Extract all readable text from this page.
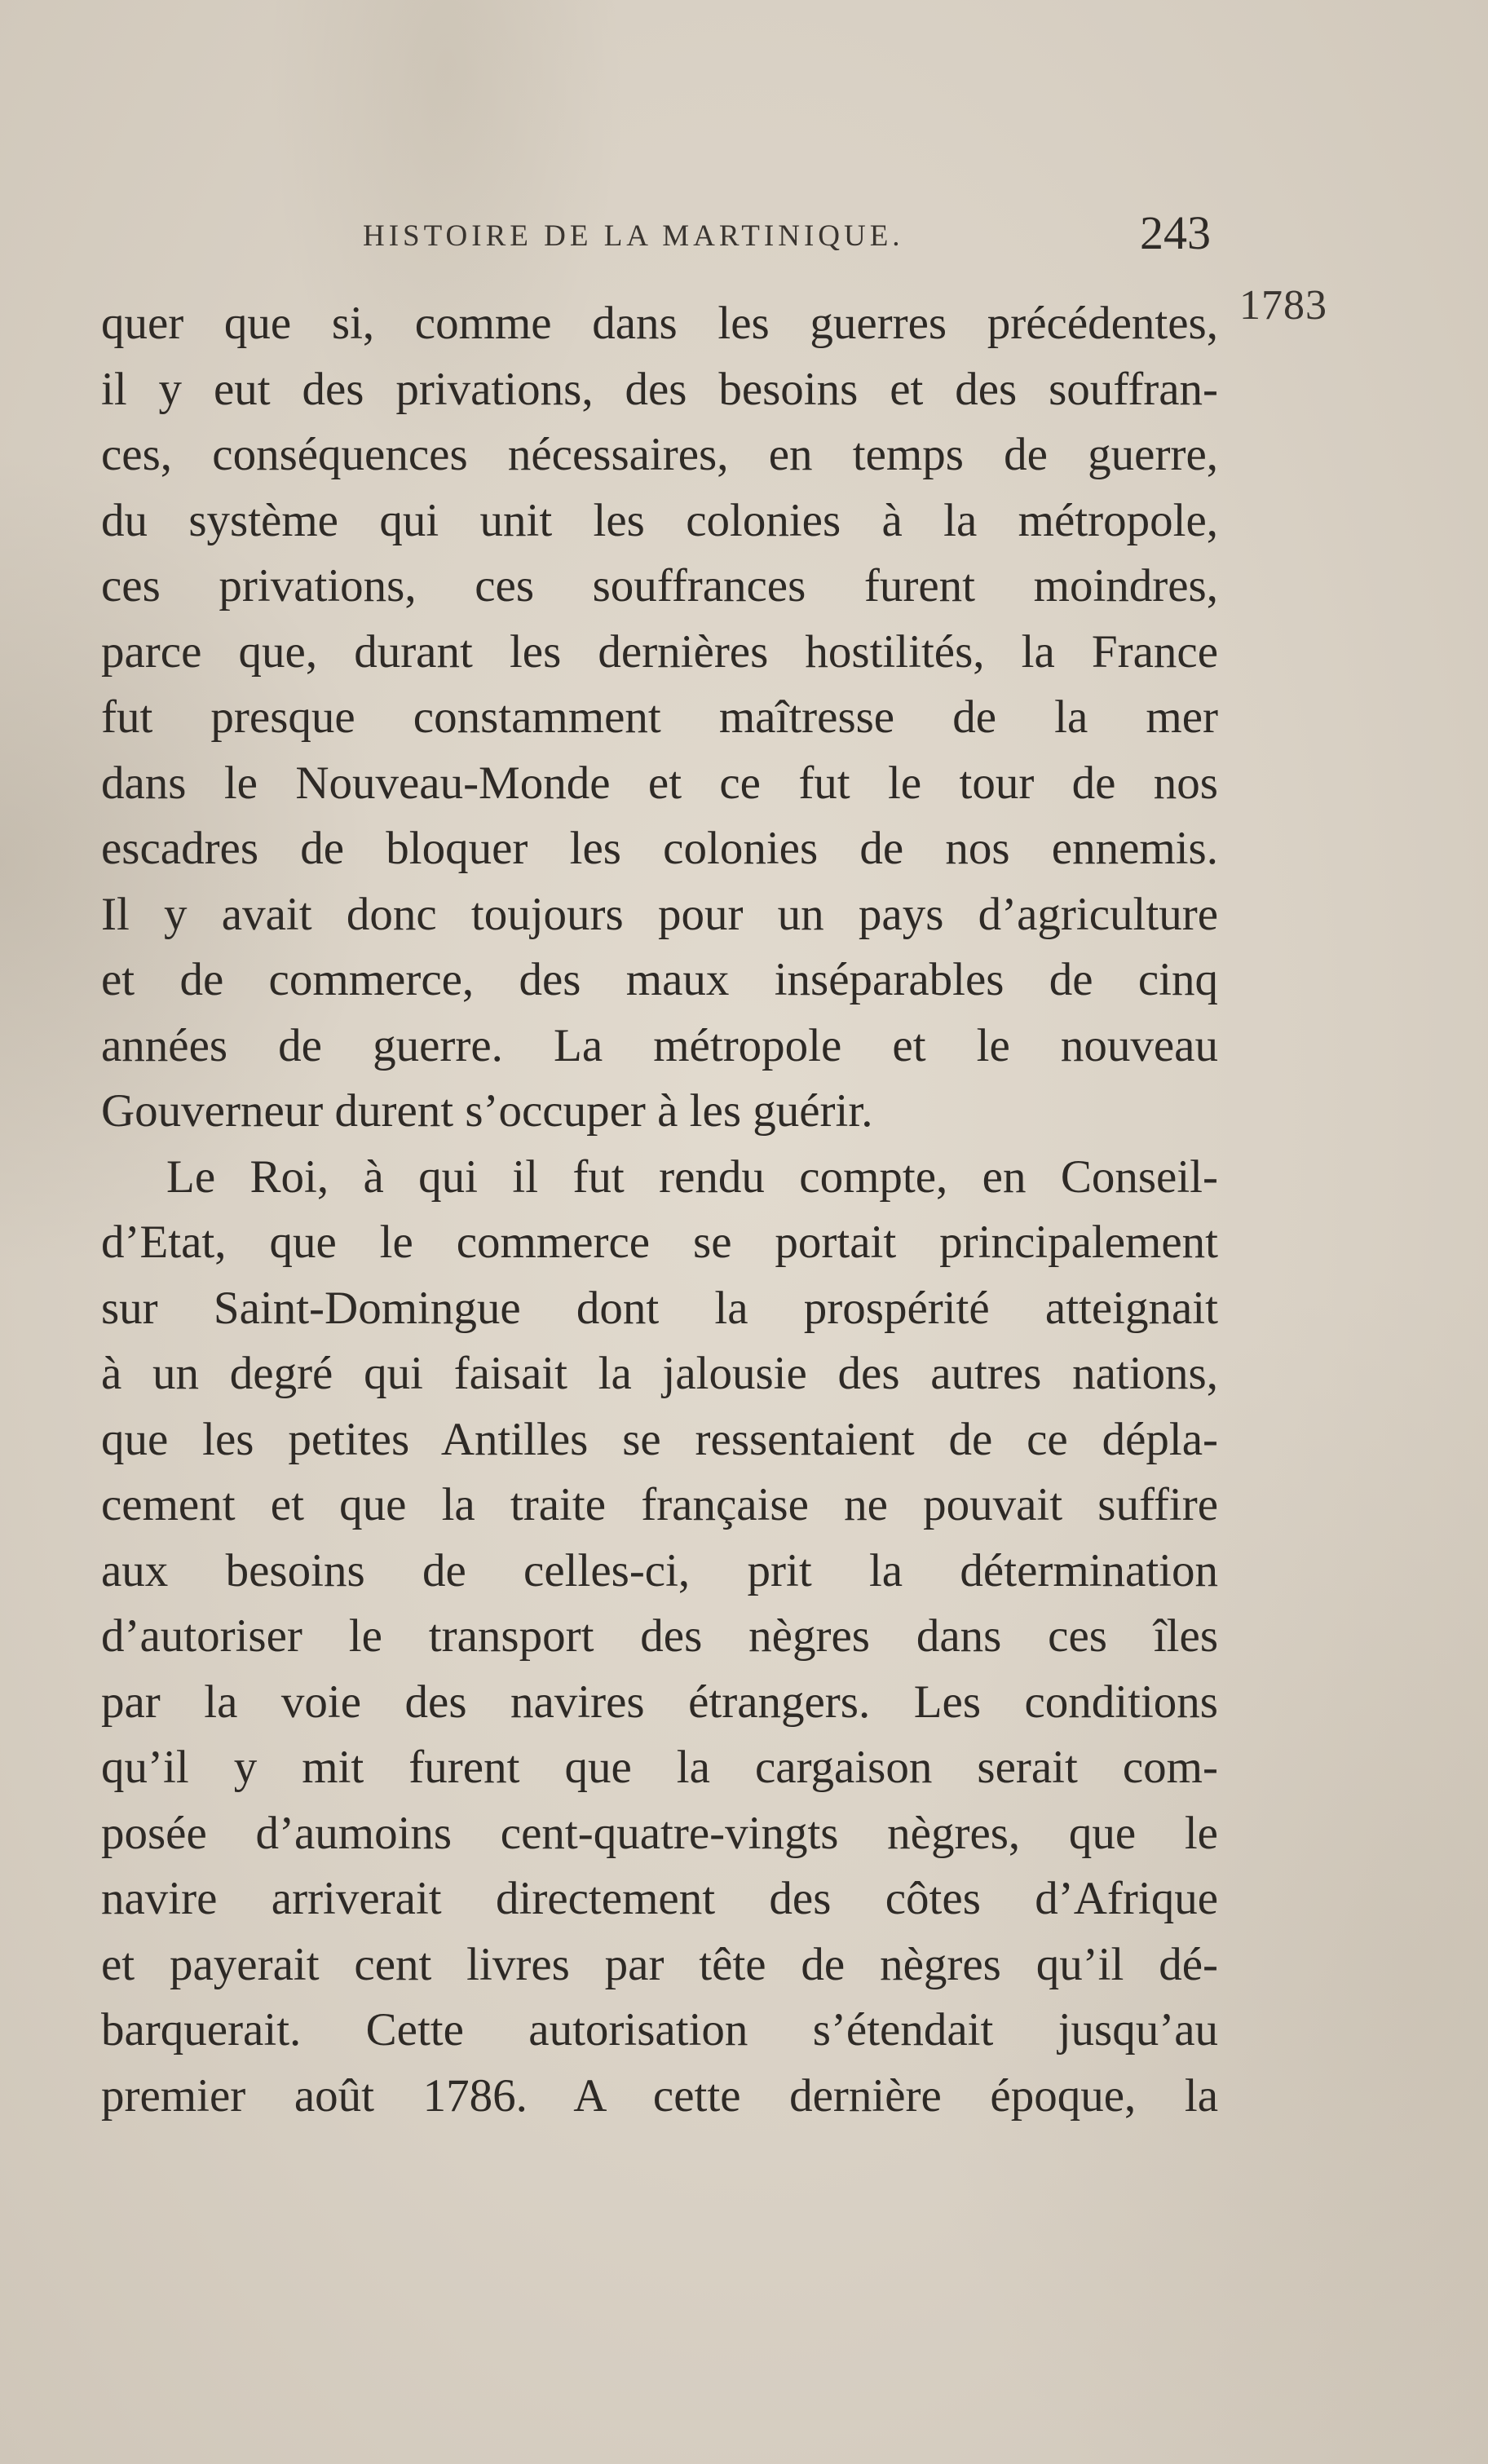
HISTOIRE DE LA MARTINIQUE.	243
1783
quer que si, comme dans les guerres précédentes,
il y eut des privations, des besoins et des souffran-
ces, conséquences nécessaires, en temps de guerre,
du système qui unit les colonies à la métropole,
ces privations, ces souffrances furent moindres,
parce que, durant les dernières hostilités, la France
fut presque constamment maîtresse de la mer
dans le Nouveau-Monde et ce fut le tour de nos
escadres de bloquer les colonies de nos ennemis.
Il y avait donc toujours pour un pays d’agriculture
et de commerce, des maux inséparables de cinq
années de guerre. La métropole et le nouveau
Gouverneur durent s’occuper à les guérir.
Le Roi, à qui il fut rendu compte, en Conseil-
d’Etat, que le commerce se portait principalement
sur Saint-Domingue dont la prospérité atteignait
à un degré qui faisait la jalousie des autres nations,
que les petites Antilles se ressentaient de ce dépla-
cement et que la traite française ne pouvait suffire
aux besoins de celles-ci, prit la détermination
d’autoriser le transport des nègres dans ces îles
par la voie des navires étrangers. Les conditions
qu’il y mit furent que la cargaison serait com-
posée d’aumoins cent-quatre-vingts nègres, que le
navire arriverait directement des côtes d’Afrique
et payerait cent livres par tête de nègres qu’il dé-
barquerait. Cette autorisation s’étendait jusqu’au
premier août 1786. A cette dernière époque, la
